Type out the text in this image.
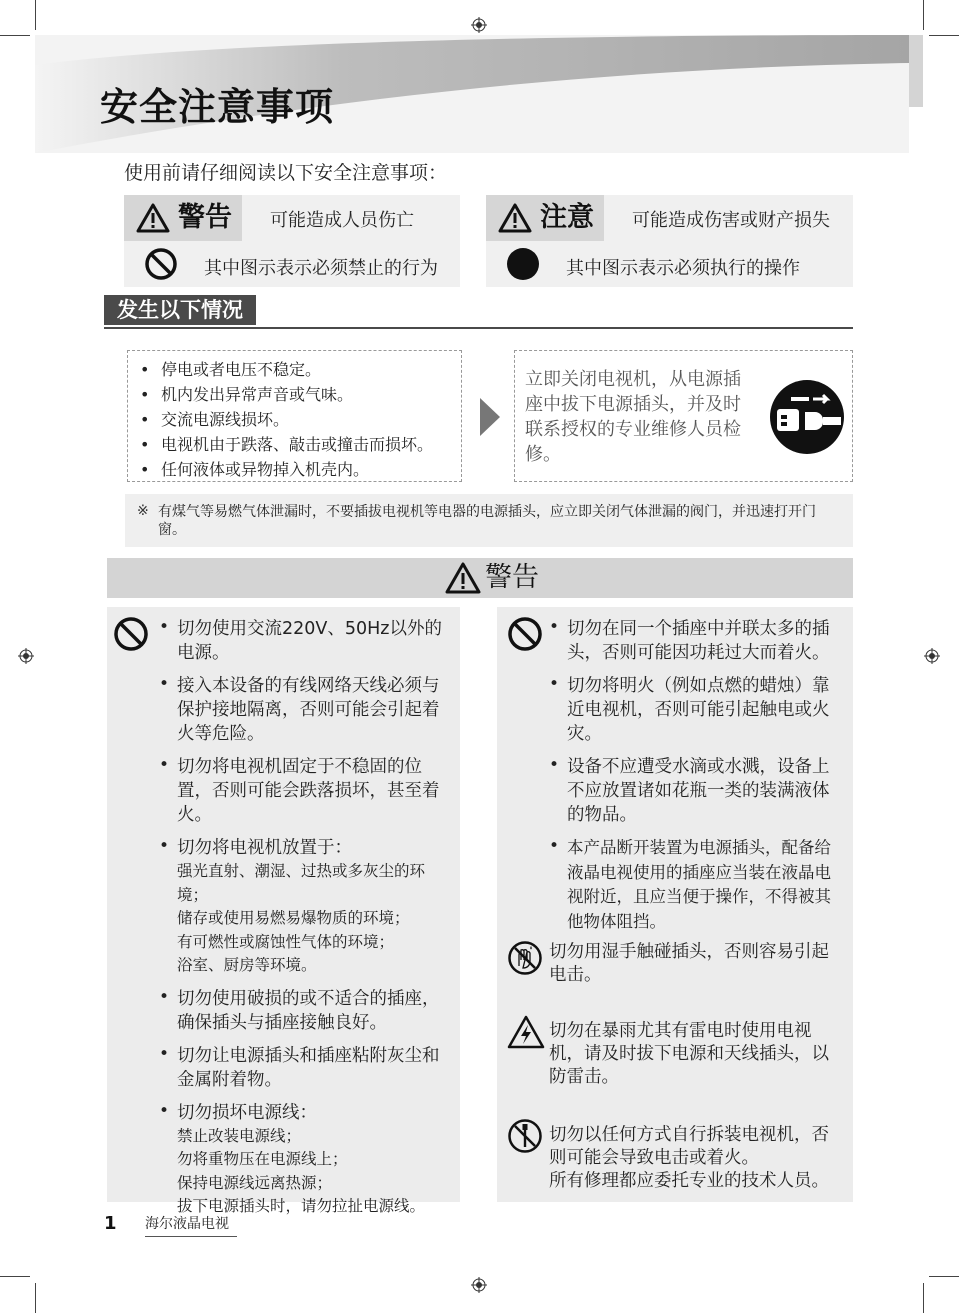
安全注意事项
使用前请仔细阅读以下安全注意事项：
警告 可能造成人员伤亡
其中图示表示必须禁止的行为
注意 可能造成伤害或财产损失
其中图示表示必须执行的操作
发生以下情况
• 停电或者电压不稳定。
• 机内发出异常声音或气味。
• 交流电源线损坏。
• 电视机由于跌落、敲击或撞击而损坏。
• 任何液体或异物掉入机壳内。
立即关闭电视机，从电源插座中拔下电源插头，并及时联系授权的专业维修人员检修。
※ 有煤气等易燃气体泄漏时，不要插拔电视机等电器的电源插头，应立即关闭气体泄漏的阀门，并迅速打开门窗。
警告
• 切勿使用交流220V、50Hz以外的电源。
• 接入本设备的有线网络天线必须与保护接地隔离，否则可能会引起着火等危险。
• 切勿将电视机固定于不稳固的位置，否则可能会跌落损坏，甚至着火。
• 切勿将电视机放置于：
强光直射、潮湿、过热或多灰尘的环境；
储存或使用易燃易爆物质的环境；
有可燃性或腐蚀性气体的环境；
浴室、厨房等环境。
• 切勿使用破损的或不适合的插座，确保插头与插座接触良好。
• 切勿让电源插头和插座粘附灰尘和金属附着物。
• 切勿损坏电源线：
禁止改装电源线；
勿将重物压在电源线上；
保持电源线远离热源；
拔下电源插头时，请勿拉扯电源线。
• 切勿在同一个插座中并联太多的插头，否则可能因功耗过大而着火。
• 切勿将明火（例如点燃的蜡烛）靠近电视机，否则可能引起触电或火灾。
• 设备不应遭受水滴或水溅，设备上不应放置诸如花瓶一类的装满液体的物品。
• 本产品断开装置为电源插头，配备给液晶电视使用的插座应当装在液晶电视附近，且应当便于操作，不得被其他物体阻挡。
切勿用湿手触碰插头，否则容易引起电击。
切勿在暴雨尤其有雷电时使用电视机，请及时拔下电源和天线插头，以防雷击。
切勿以任何方式自行拆装电视机，否则可能会导致电击或着火。
所有修理都应委托专业的技术人员。
1 海尔液晶电视
